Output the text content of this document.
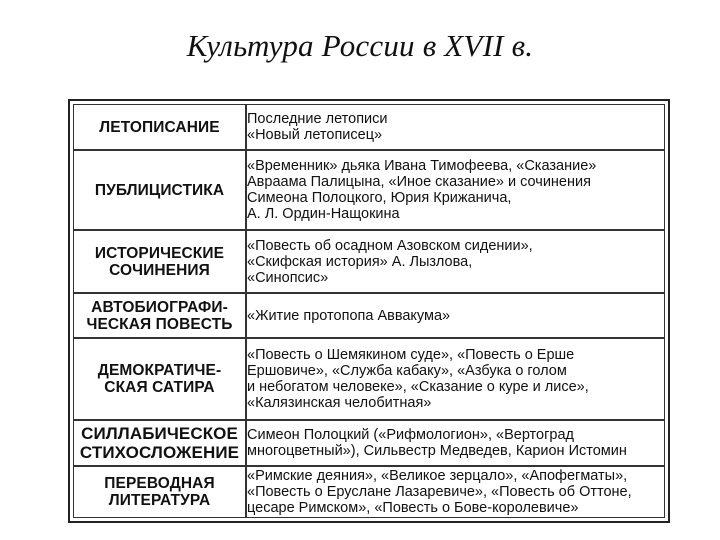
Культура России в XVII в.
ЛЕТОПИСАНИЕ	Последние летописи
«Новый летописец»
ПУБЛИЦИСТИКА	«Временник» дьяка Ивана Тимофеева, «Сказание»
Авраама Палицына, «Иное сказание» и сочинения
Симеона Полоцкого, Юрия Крижанича,
А. Л. Ордин-Нащокина
ИСТОРИЧЕСКИЕ
СОЧИНЕНИЯ	«Повесть об осадном Азовском сидении»,
«Скифская история» А. Лызлова,
«Синопсис»
АВТОБИОГРАФИ-
ЧЕСКАЯ ПОВЕСТЬ	«Житие протопопа Аввакума»
ДЕМОКРАТИЧЕ-
СКАЯ САТИРА	«Повесть о Шемякином суде», «Повесть о Ерше
Ершовиче», «Служба кабаку», «Азбука о голом
и небогатом человеке», «Сказание о куре и лисе»,
«Калязинская челобитная»
СИЛЛАБИЧЕСКОЕ
СТИХОСЛОЖЕНИЕ	Симеон Полоцкий («Рифмологион», «Вертоград
многоцветный»), Сильвестр Медведев, Карион Истомин
ПЕРЕВОДНАЯ
ЛИТЕРАТУРА	«Римские деяния», «Великое зерцало», «Апофегматы»,
«Повесть о Еруслане Лазаревиче», «Повесть об Оттоне,
цесаре Римском», «Повесть о Бове-королевиче»
